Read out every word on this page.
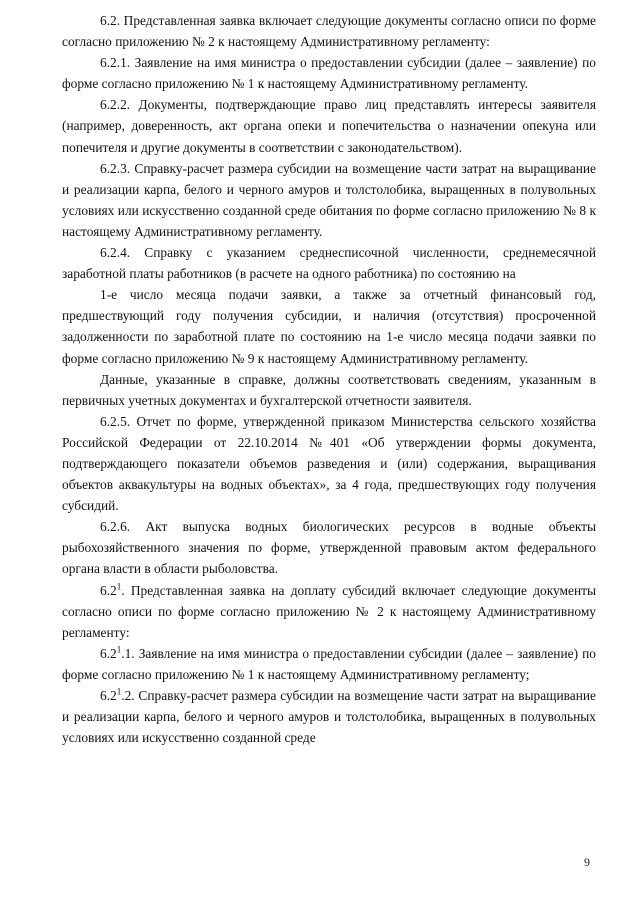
6.2. Представленная заявка включает следующие документы согласно описи по форме согласно приложению № 2 к настоящему Административному регламенту:

6.2.1. Заявление на имя министра о предоставлении субсидии (далее – заявление) по форме согласно приложению № 1 к настоящему Административному регламенту.

6.2.2. Документы, подтверждающие право лиц представлять интересы заявителя (например, доверенность, акт органа опеки и попечительства о назначении опекуна или попечителя и другие документы в соответствии с законодательством).

6.2.3. Справку-расчет размера субсидии на возмещение части затрат на выращивание и реализации карпа, белого и черного амуров и толстолобика, выращенных в полувольных условиях или искусственно созданной среде обитания по форме согласно приложению № 8 к настоящему Административному регламенту.

6.2.4. Справку с указанием среднесписочной численности, среднемесячной заработной платы работников (в расчете на одного работника) по состоянию на

1-е число месяца подачи заявки, а также за отчетный финансовый год, предшествующий году получения субсидии, и наличия (отсутствия) просроченной задолженности по заработной плате по состоянию на 1-е число месяца подачи заявки по форме согласно приложению № 9 к настоящему Административному регламенту.

Данные, указанные в справке, должны соответствовать сведениям, указанным в первичных учетных документах и бухгалтерской отчетности заявителя.

6.2.5. Отчет по форме, утвержденной приказом Министерства сельского хозяйства Российской Федерации от 22.10.2014 №401 «Об утверждении формы документа, подтверждающего показатели объемов разведения и (или) содержания, выращивания объектов аквакультуры на водных объектах», за 4 года, предшествующих году получения субсидий.

6.2.6. Акт выпуска водных биологических ресурсов в водные объекты рыбохозяйственного значения по форме, утвержденной правовым актом федерального органа власти в области рыболовства.

$6.2^1$. Представленная заявка на доплату субсидий включает следующие документы согласно описи по форме согласно приложению № 2 к настоящему Административному регламенту:

$6.2^1.1$. Заявление на имя министра о предоставлении субсидии (далее – заявление) по форме согласно приложению № 1 к настоящему Административному регламенту;

$6.2^1.2$. Справку-расчет размера субсидии на возмещение части затрат на выращивание и реализации карпа, белого и черного амуров и толстолобика, выращенных в полувольных условиях или искусственно созданной среде

9
